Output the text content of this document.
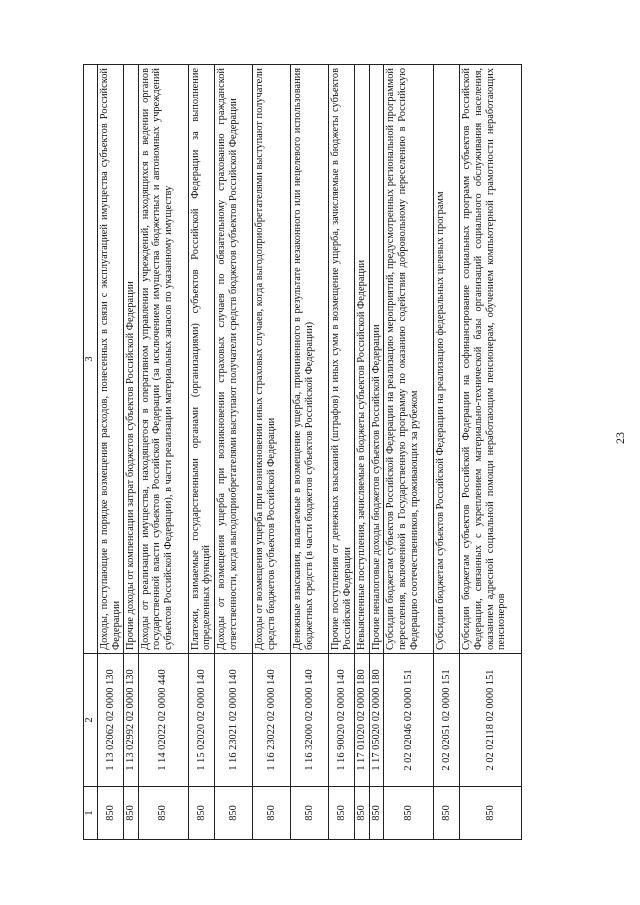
23
1	2	3
850	1 13 02062 02 0000 130	Доходы, поступающие в порядке возмещения расходов, понесенных в связи с эксплуатацией имущества субъектов Российской Федерации
850	1 13 02992 02 0000 130	Прочие доходы от компенсации затрат бюджетов субъектов Российской Федерации
850	1 14 02022 02 0000 440	Доходы от реализации имущества, находящегося в оперативном управлении учреждений, находящихся в ведении органов государственной власти субъектов Российской Федерации (за исключением имущества бюджетных и автономных учреждений субъектов Российской Федерации), в части реализации материальных запасов по указанному имуществу
850	1 15 02020 02 0000 140	Платежи, взимаемые государственными органами (организациями) субъектов Российской Федерации за выполнение определенных функций
850	1 16 23021 02 0000 140	Доходы от возмещения ущерба при возникновении страховых случаев по обязательному страхованию гражданской ответственности, когда выгодоприобретателями выступают получатели средств бюджетов субъектов Российской Федерации
850	1 16 23022 02 0000 140	Доходы от возмещения ущерба при возникновении иных страховых случаев, когда выгодоприобретателями выступают получатели средств бюджетов субъектов Российской Федерации
850	1 16 32000 02 0000 140	Денежные взыскания, налагаемые в возмещение ущерба, причиненного в результате незаконного или нецелевого использования бюджетных средств (в части бюджетов субъектов Российской Федерации)
850	1 16 90020 02 0000 140	Прочие поступления от денежных взысканий (штрафов) и иных сумм в возмещение ущерба, зачисляемые в бюджеты субъектов Российской Федерации
850	1 17 01020 02 0000 180	Невыясненные поступления, зачисляемые в бюджеты субъектов Российской Федерации
850	1 17 05020 02 0000 180	Прочие неналоговые доходы бюджетов субъектов Российской Федерации
850	2 02 02046 02 0000 151	Субсидии бюджетам субъектов Российской Федерации на реализацию мероприятий, предусмотренных региональной программой переселения, включенной в Государственную программу по оказанию содействия добровольному переселению в Российскую Федерацию соотечественников, проживающих за рубежом
850	2 02 02051 02 0000 151	Субсидии бюджетам субъектов Российской Федерации на реализацию федеральных целевых программ
850	2 02 02118 02 0000 151	Субсидии бюджетам субъектов Российской Федерации на софинансирование социальных программ субъектов Российской Федерации, связанных с укреплением материально-технической базы организаций социального обслуживания населения, оказанием адресной социальной помощи неработающим пенсионерам, обучением компьютерной грамотности неработающих пенсионеров
